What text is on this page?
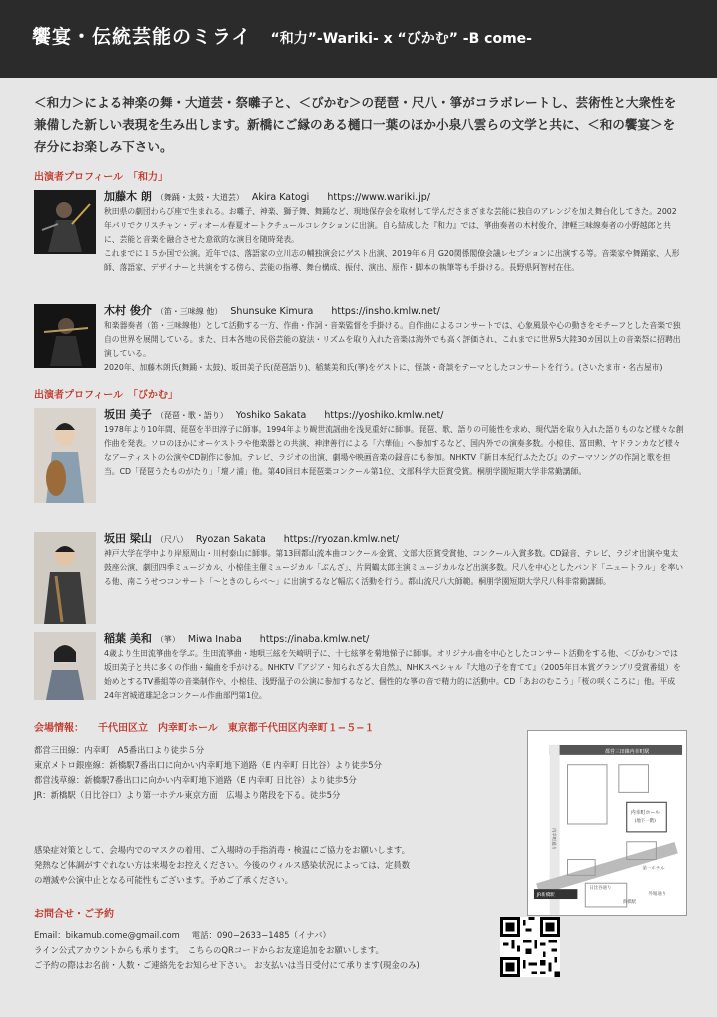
饗宴・伝統芸能のミライ “和力”-Wariki- x “びかむ” -B come-
＜和力＞による神楽の舞・大道芸・祭囃子と、＜びかむ＞の琵琶・尺八・箏がコラボレートし、芸術性と大衆性を兼備した新しい表現を生み出します。新橋にご縁のある樋口一葉のほか小泉八雲らの文学と共に、＜和の饗宴＞を存分にお楽しみ下さい。
出演者プロフィール　「和力」
加藤木 朗 （舞踊・太鼓・大道芸） Akira Katogi https://www.wariki.jp/
秋田県の劇団わらび座で生まれる。お囃子、神楽、獅子舞、舞踊など、現地保存会を取材して学んださまざまな芸能に独自のアレンジを加え舞台化してきた。2002年パリでクリスチャン・ディオール春夏オートクチュールコレクションに出演。自ら結成した『和力』では、箏曲奏者の木村俊介、津軽三味線奏者の小野越郎と共に、芸能と音楽を融合させた意欲的な演目を随時発表。
これまでに１５か国で公演。近年では、落語家の立川志の輔独演会にゲスト出演、2019年６月 G20関係閣僚会議レセプションに出演する等。音楽家や舞踊家、人形師、落語家、デザイナーと共演をする傍ら、芸能の指導、舞台構成、振付、演出、原作・脚本の執筆等も手掛ける。長野県阿智村在住。
木村 俊介 （笛・三味線 他） Shunsuke Kimura https://insho.kmlw.net/
和楽器奏者（笛・三味線他）として活動する一方、作曲・作詞・音楽監督を手掛ける。自作曲によるコンサートでは、心象風景や心の動きをモチーフとした音楽で独自の世界を展開している。また、日本各地の民俗芸能の旋法・リズムを取り入れた音楽は海外でも高く評価され、これまでに世界5大陸30カ国以上の音楽祭に招聘出演している。
2020年、加藤木朗氏(舞踊・太鼓)、坂田美子氏(琵琶語り)、稲葉美和氏(箏)をゲストに、怪談・奇談をテーマとしたコンサートを行う。(さいたま市・名古屋市)
出演者プロフィール　「びかむ」
坂田 美子 （琵琶・歌・語り） Yoshiko Sakata https://yoshiko.kmlw.net/
1978年より10年間、琵琶を半田淳子に師事。1994年より観世流謡曲を浅見重好に師事。琵琶、歌、語りの可能性を求め、現代語を取り入れた語りものなど様々な創作曲を発表。ソロのほかにオーケストラや他楽器との共演、神津善行による「六華仙」へ参加するなど、国内外での演奏多数。小椋佳、冨田勲、ヤドランカなど様々なアーティストの公演やCD制作に参加。テレビ、ラジオの出演、劇場や映画音楽の録音にも参加。NHKTV『新日本紀行ふたたび』のテーマソングの作詞と歌を担当。CD「琵琶うたものがたり」「壇ノ浦」他。第40回日本琵琶楽コンクール第1位、文部科学大臣賞受賞。桐朋学園短期大学非常勤講師。
坂田 梁山 （尺八） Ryozan Sakata https://ryozan.kmlw.net/
神戸大学在学中より岸原周山・川村泰山に師事。第13回都山流本曲コンクール金賞、文部大臣賞受賞他、コンクール入賞多数。CD録音、テレビ、ラジオ出演や鬼太鼓座公演、劇団四季ミュージカル、小椋佳主催ミュージカル「ぶんざ」、片岡鶴太郎主演ミュージカルなど出演多数。尺八を中心としたバンド「ニュートラル」を率いる他、南こうせつコンサート「〜ときのしらべ〜」に出演するなど幅広く活動を行う。都山流尺八大師範。桐朋学園短期大学尺八科非常勤講師。
稲葉 美和 （箏） Miwa Inaba https://inaba.kmlw.net/
4歳より生田流箏曲を学ぶ。生田流箏曲・地唄三絃を矢崎明子に、十七絃箏を菊地悌子に師事。オリジナル曲を中心としたコンサート活動をする他、＜びかむ＞では坂田美子と共に多くの作曲・編曲を手がける。NHKTV『アジア・知られざる大自然』、NHKスペシャル『大地の子を育てて』（2005年日本賞グランプリ受賞番組）を始めとするTV番組等の音楽制作や、小椋佳、浅野温子の公演に参加するなど、個性的な箏の音で精力的に活動中。CD「あおのむこう」「桜の咲くころに」他。平成24年宮城道雄記念コンクール作曲部門第1位。
会場情報： 千代田区立　内幸町ホール　東京都千代田区内幸町１−５−１
都営三田線：内幸町　A5番出口より徒歩５分
東京メトロ銀座線：新橋駅7番出口に向かい内幸町地下道路（E 内幸町 日比谷）より徒歩5分
都営浅草線：新橋駅7番出口に向かい内幸町地下道路（E 内幸町 日比谷）より徒歩5分
JR：新橋駅（日比谷口）より第一ホテル東京方面　広場より階段を下る。徒歩5分
感染症対策として、会場内でのマスクの着用、ご入場時の手指消毒・検温にご協力をお願いします。
発熱など体調がすぐれない方は来場をお控えください。今後のウィルス感染状況によっては、定員数
の増減や公演中止となる可能性もございます。予めご了承ください。
お問合せ・ご予約
Email：bikamub.come@gmail.com 電話：090−2633−1485（イナバ）
ライン公式アカウントからも承ります。　こちらのQRコードからお友達追加をお願いします。
ご予約の際はお名前・人数・ご連絡先をお知らせ下さい。 お支払いは当日受付にて承ります(現金のみ)
都営三田線内幸町駅
内幸町ホール
(地下一階)
内幸町通り
JR新橋駅
第一ホテル
新橋駅
日比谷通り
外堀通り
